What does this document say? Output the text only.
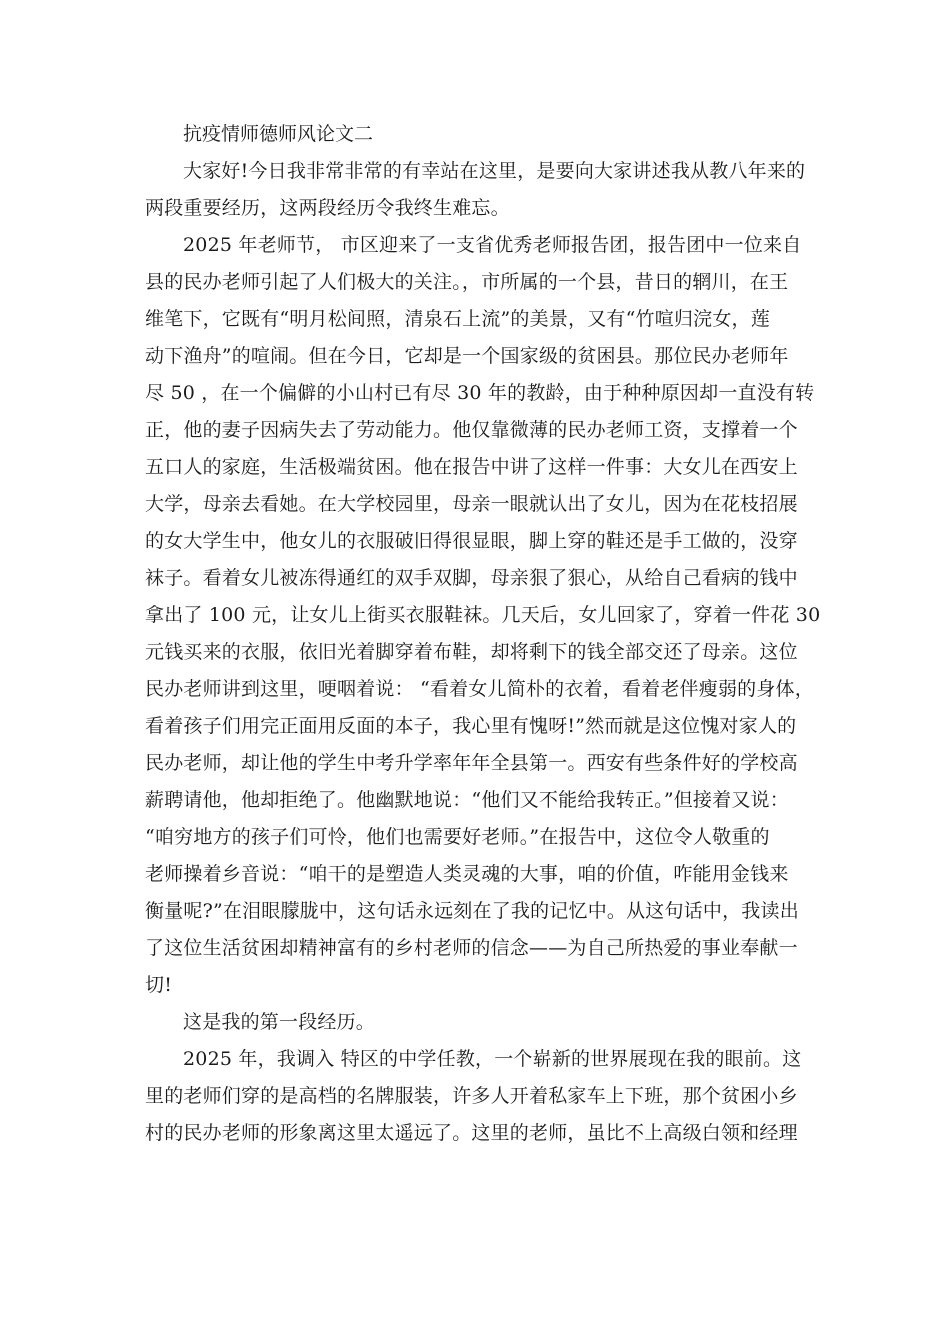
抗疫情师德师风论文二
大家好!今日我非常非常的有幸站在这里，是要向大家讲述我从教八年来的
两段重要经历，这两段经历令我终生难忘。
2025 年老师节， 市区迎来了一支省优秀老师报告团，报告团中一位来自
县的民办老师引起了人们极大的关注。，市所属的一个县，昔日的辋川，在王
维笔下，它既有“明月松间照，清泉石上流”的美景，又有“竹喧归浣女，莲
动下渔舟”的喧闹。但在今日，它却是一个国家级的贫困县。那位民办老师年
尽 50 ，在一个偏僻的小山村已有尽 30 年的教龄，由于种种原因却一直没有转
正，他的妻子因病失去了劳动能力。他仅靠微薄的民办老师工资，支撑着一个
五口人的家庭，生活极端贫困。他在报告中讲了这样一件事：大女儿在西安上
大学，母亲去看她。在大学校园里，母亲一眼就认出了女儿，因为在花枝招展
的女大学生中，他女儿的衣服破旧得很显眼，脚上穿的鞋还是手工做的，没穿
袜子。看着女儿被冻得通红的双手双脚，母亲狠了狠心，从给自己看病的钱中
拿出了 100 元，让女儿上街买衣服鞋袜。几天后，女儿回家了，穿着一件花 30
元钱买来的衣服，依旧光着脚穿着布鞋，却将剩下的钱全部交还了母亲。这位
民办老师讲到这里，哽咽着说： “看着女儿简朴的衣着，看着老伴瘦弱的身体，
看着孩子们用完正面用反面的本子，我心里有愧呀!”然而就是这位愧对家人的
民办老师，却让他的学生中考升学率年年全县第一。西安有些条件好的学校高
薪聘请他，他却拒绝了。他幽默地说：“他们又不能给我转正。”但接着又说：
“咱穷地方的孩子们可怜，他们也需要好老师。”在报告中，这位令人敬重的
老师操着乡音说：“咱干的是塑造人类灵魂的大事，咱的价值，咋能用金钱来
衡量呢?”在泪眼朦胧中，这句话永远刻在了我的记忆中。从这句话中，我读出
了这位生活贫困却精神富有的乡村老师的信念——为自己所热爱的事业奉献一
切!
这是我的第一段经历。
2025 年，我调入 特区的中学任教，一个崭新的世界展现在我的眼前。这
里的老师们穿的是高档的名牌服装，许多人开着私家车上下班，那个贫困小乡
村的民办老师的形象离这里太遥远了。这里的老师，虽比不上高级白领和经理
